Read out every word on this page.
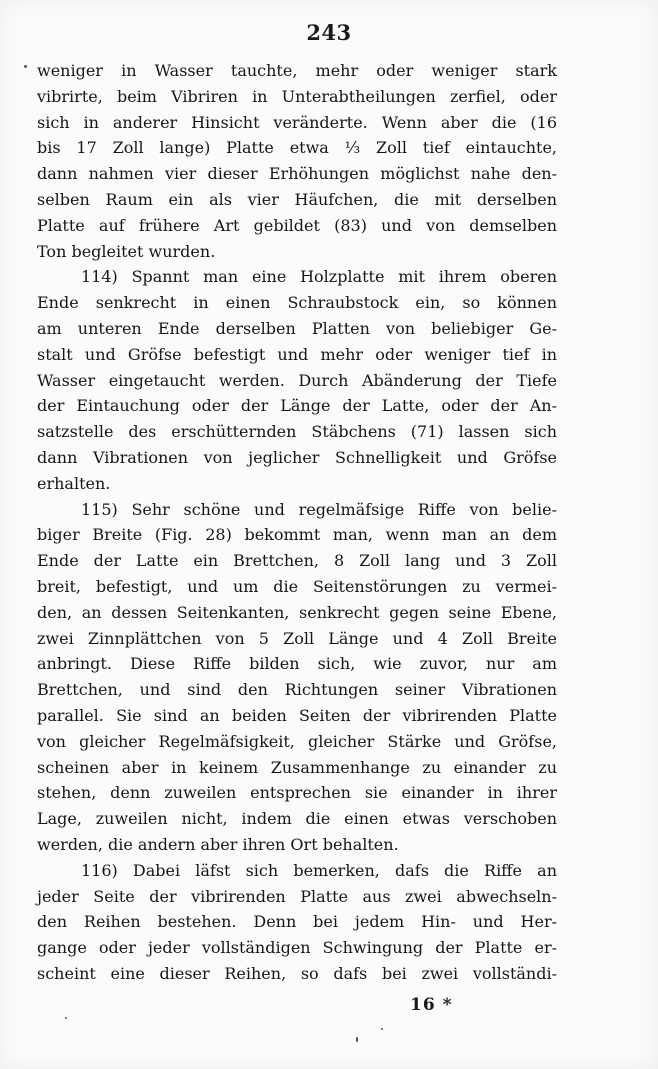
243
weniger in Wasser tauchte, mehr oder weniger stark
vibrirte, beim Vibriren in Unterabtheilungen zerfiel, oder
sich in anderer Hinsicht veränderte. Wenn aber die (16
bis 17 Zoll lange) Platte etwa ⅓ Zoll tief eintauchte,
dann nahmen vier dieser Erhöhungen möglichst nahe den-
selben Raum ein als vier Häufchen, die mit derselben
Platte auf frühere Art gebildet (83) und von demselben
Ton begleitet wurden.
114) Spannt man eine Holzplatte mit ihrem oberen
Ende senkrecht in einen Schraubstock ein, so können
am unteren Ende derselben Platten von beliebiger Ge-
stalt und Gröfse befestigt und mehr oder weniger tief in
Wasser eingetaucht werden. Durch Abänderung der Tiefe
der Eintauchung oder der Länge der Latte, oder der An-
satzstelle des erschütternden Stäbchens (71) lassen sich
dann Vibrationen von jeglicher Schnelligkeit und Gröfse
erhalten.
115) Sehr schöne und regelmäfsige Riffe von belie-
biger Breite (Fig. 28) bekommt man, wenn man an dem
Ende der Latte ein Brettchen, 8 Zoll lang und 3 Zoll
breit, befestigt, und um die Seitenstörungen zu vermei-
den, an dessen Seitenkanten, senkrecht gegen seine Ebene,
zwei Zinnplättchen von 5 Zoll Länge und 4 Zoll Breite
anbringt. Diese Riffe bilden sich, wie zuvor, nur am
Brettchen, und sind den Richtungen seiner Vibrationen
parallel. Sie sind an beiden Seiten der vibrirenden Platte
von gleicher Regelmäfsigkeit, gleicher Stärke und Gröfse,
scheinen aber in keinem Zusammenhange zu einander zu
stehen, denn zuweilen entsprechen sie einander in ihrer
Lage, zuweilen nicht, indem die einen etwas verschoben
werden, die andern aber ihren Ort behalten.
116) Dabei läfst sich bemerken, dafs die Riffe an
jeder Seite der vibrirenden Platte aus zwei abwechseln-
den Reihen bestehen. Denn bei jedem Hin- und Her-
gange oder jeder vollständigen Schwingung der Platte er-
scheint eine dieser Reihen, so dafs bei zwei vollständi-
16 *
